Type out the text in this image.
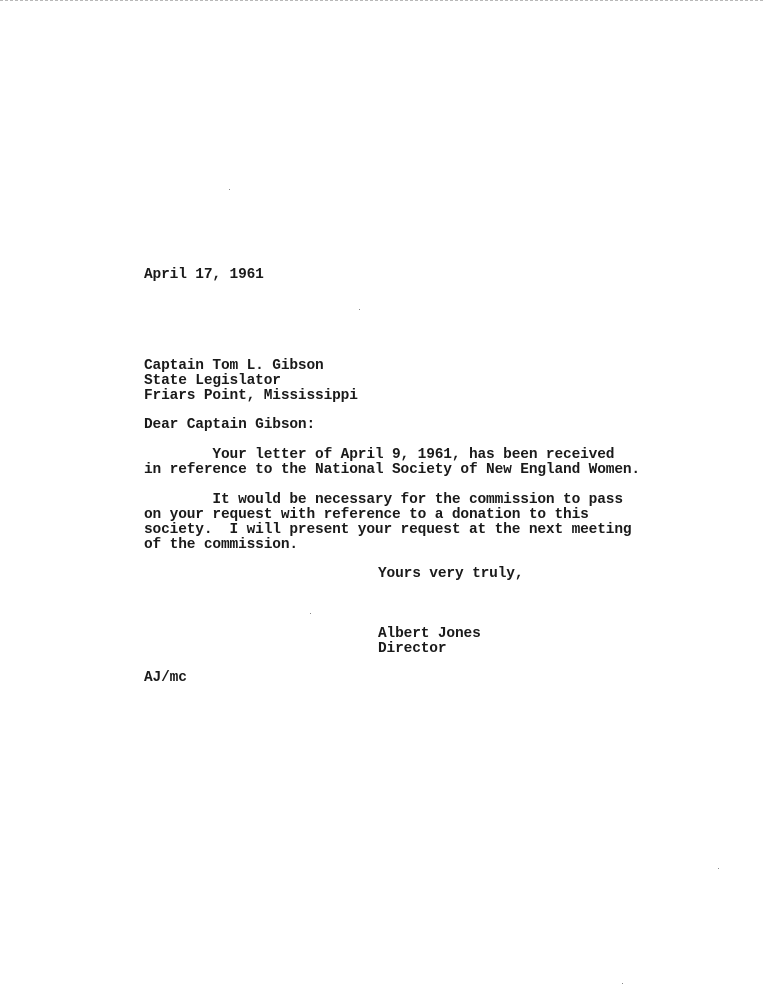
April 17, 1961
Captain Tom L. Gibson
State Legislator
Friars Point, Mississippi
Dear Captain Gibson:
Your letter of April 9, 1961, has been received
in reference to the National Society of New England Women.
It would be necessary for the commission to pass
on your request with reference to a donation to this
society.  I will present your request at the next meeting
of the commission.
Yours very truly,
Albert Jones
Director
AJ/mc
